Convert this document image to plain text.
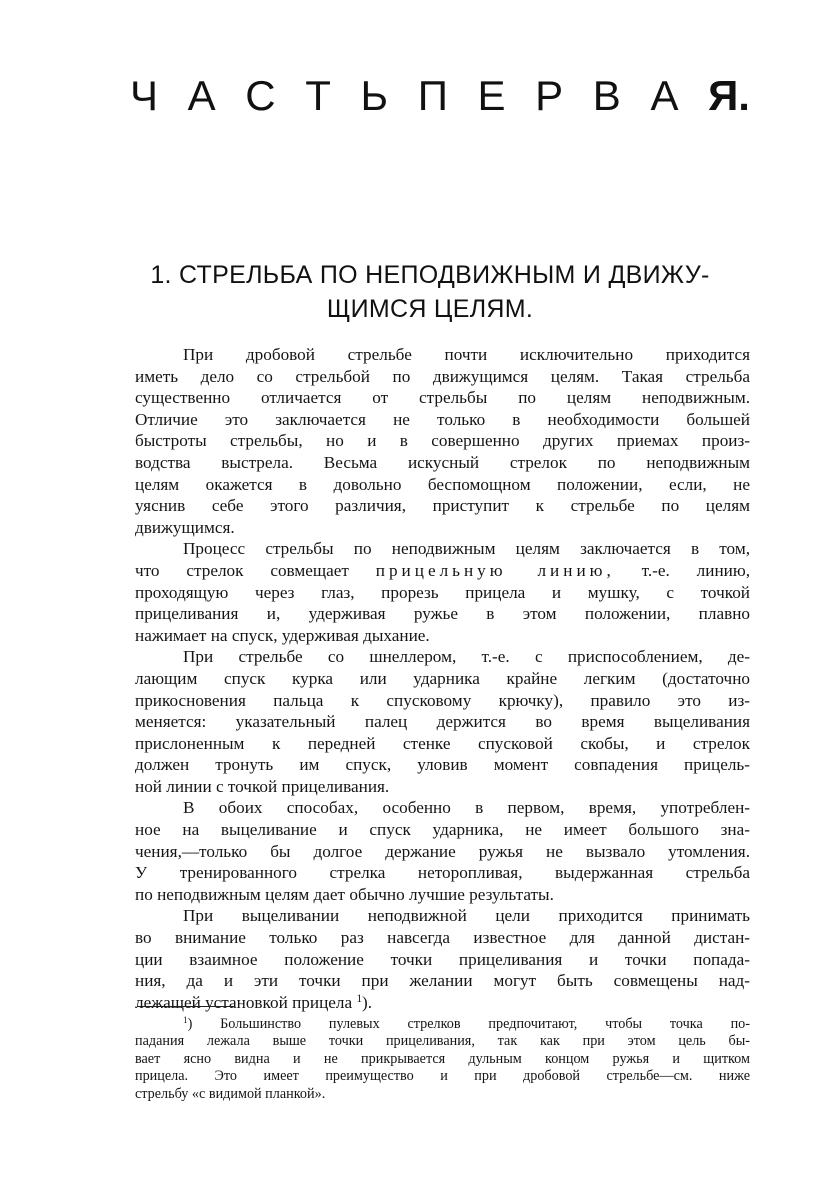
Ч А С Т Ь П Е Р В А Я.
1. СТРЕЛЬБА ПО НЕПОДВИЖНЫМ И ДВИЖУ-
ЩИМСЯ ЦЕЛЯМ.
При дробовой стрельбе почти исключительно приходится
иметь дело со стрельбой по движущимся целям. Такая стрельба
существенно отличается от стрельбы по целям неподвижным.
Отличие это заключается не только в необходимости большей
быстроты стрельбы, но и в совершенно других приемах произ-
водства выстрела. Весьма искусный стрелок по неподвижным
целям окажется в довольно беспомощном положении, если, не
уяснив себе этого различия, приступит к стрельбе по целям
движущимся.
Процесс стрельбы по неподвижным целям заключается в том,
что стрелок совмещает прицельную линию, т.-е. линию,
проходящую через глаз, прорезь прицела и мушку, с точкой
прицеливания и, удерживая ружье в этом положении, плавно
нажимает на спуск, удерживая дыхание.
При стрельбе со шнеллером, т.-е. с приспособлением, де-
лающим спуск курка или ударника крайне легким (достаточно
прикосновения пальца к спусковому крючку), правило это из-
меняется: указательный палец держится во время выцеливания
прислоненным к передней стенке спусковой скобы, и стрелок
должен тронуть им спуск, уловив момент совпадения прицель-
ной линии с точкой прицеливания.
В обоих способах, особенно в первом, время, употреблен-
ное на выцеливание и спуск ударника, не имеет большого зна-
чения,—только бы долгое держание ружья не вызвало утомления.
У тренированного стрелка неторопливая, выдержанная стрельба
по неподвижным целям дает обычно лучшие результаты.
При выцеливании неподвижной цели приходится принимать
во внимание только раз навсегда известное для данной дистан-
ции взаимное положение точки прицеливания и точки попада-
ния, да и эти точки при желании могут быть совмещены над-
лежащей установкой прицела $^1$).
$^1$) Большинство пулевых стрелков предпочитают, чтобы точка по-
падания лежала выше точки прицеливания, так как при этом цель бы-
вает ясно видна и не прикрывается дульным концом ружья и щитком
прицела. Это имеет преимущество и при дробовой стрельбе—см. ниже
стрельбу «с видимой планкой».
